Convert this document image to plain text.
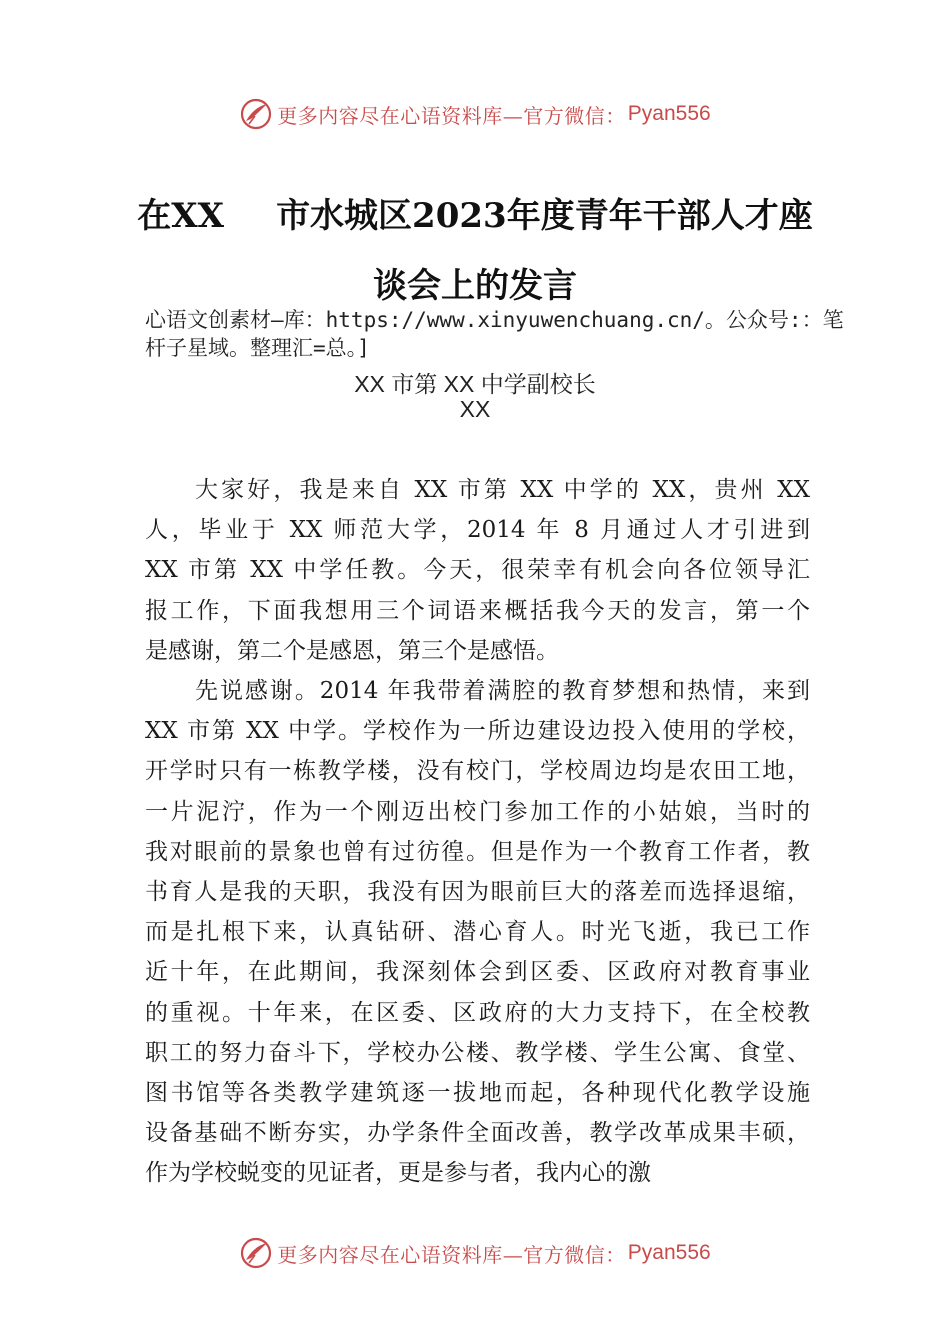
更多内容尽在心语资料库—官方微信： Pyan556
在XX 市水城区2023年度青年干部人才座
谈会上的发言
心语文创素材—库：https://www.xinyuwenchuang.cn/。公众号:：笔杆子星域。整理汇=总。]
XX 市第 XX 中学副校长
XX
大家好，我是来自 XX 市第 XX 中学的 XX，贵州 XX
人，毕业于 XX 师范大学，2014 年 8 月通过人才引进到
XX 市第 XX 中学任教。今天，很荣幸有机会向各位领导汇
报工作，下面我想用三个词语来概括我今天的发言，第一个
是感谢，第二个是感恩，第三个是感悟。
先说感谢。2014 年我带着满腔的教育梦想和热情，来到
XX 市第 XX 中学。学校作为一所边建设边投入使用的学校，
开学时只有一栋教学楼，没有校门，学校周边均是农田工地，
一片泥泞，作为一个刚迈出校门参加工作的小姑娘，当时的
我对眼前的景象也曾有过彷徨。但是作为一个教育工作者，教
书育人是我的天职，我没有因为眼前巨大的落差而选择退缩，
而是扎根下来，认真钻研、潜心育人。时光飞逝，我已工作
近十年，在此期间，我深刻体会到区委、区政府对教育事业
的重视。十年来，在区委、区政府的大力支持下，在全校教
职工的努力奋斗下，学校办公楼、教学楼、学生公寓、食堂、
图书馆等各类教学建筑逐一拔地而起，各种现代化教学设施
设备基础不断夯实，办学条件全面改善，教学改革成果丰硕，
作为学校蜕变的见证者，更是参与者，我内心的激
更多内容尽在心语资料库—官方微信： Pyan556
